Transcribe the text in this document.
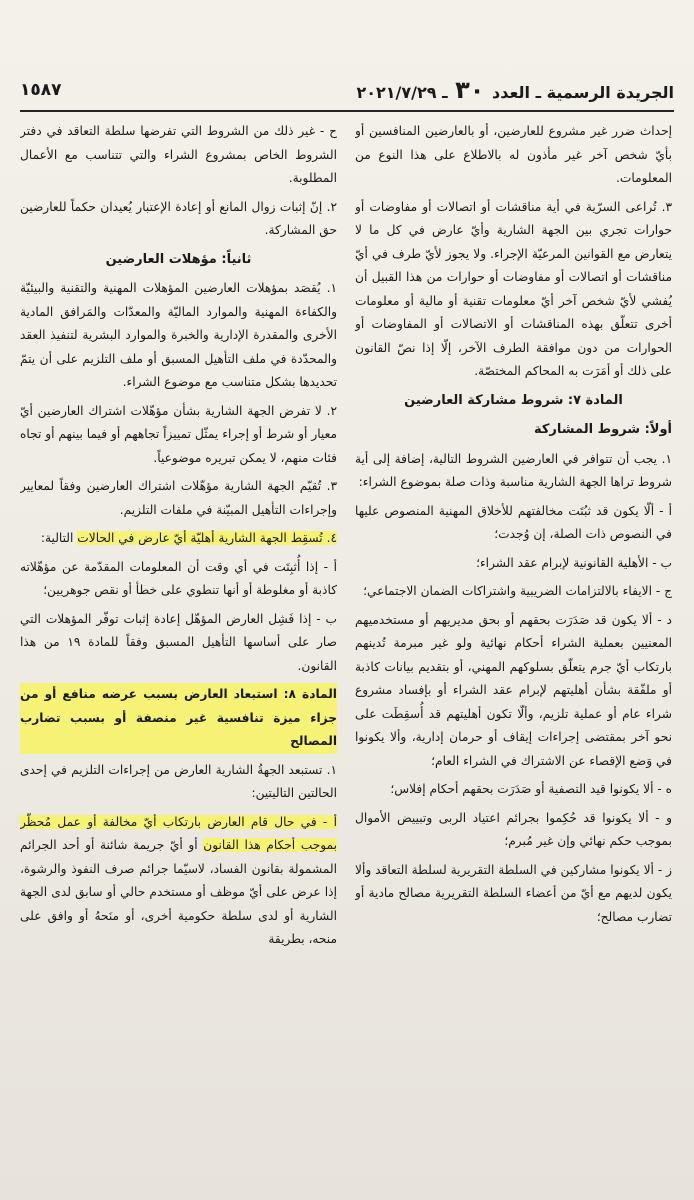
الجريدة الرسمية ـ العدد ٣٠ ـ ٢٠٢١/٧/٢٩
١٥٨٧

إحداث ضرر غير مشروع للعارضين، أو بالعارضين المنافسين أو بأيّ شخص آخر غير مأذون له بالاطلاع على هذا النوع من المعلومات.

٣. تُراعى السرّية في أية مناقشات أو اتصالات أو مفاوضات أو حوارات تجري بين الجهة الشارية وأيّ عارض في كل ما لا يتعارض مع القوانين المرعيّة الإجراء. ولا يجوز لأيّ طرف في أيّ مناقشات أو اتصالات أو مفاوضات أو حوارات من هذا القبيل أن يُفشي لأيّ شخص آخر أيّ معلومات تقنية أو مالية أو معلومات أخرى تتعلّق بهذه المناقشات أو الاتصالات أو المفاوضات أو الحوارات من دون موافقة الطرف الآخر، إلّا إذا نصّ القانون على ذلك أو أمَرَت به المحاكم المختصّة.

المادة ٧: شروط مشاركة العارضين
أولاً: شروط المشاركة

١. يجب أن تتوافر في العارضين الشروط التالية، إضافة إلى أية شروط تراها الجهة الشارية مناسبة وذات صلة بموضوع الشراء:

أ - ألّا يكون قد ثبُتَت مخالفتهم للأخلاق المهنية المنصوص عليها في النصوص ذات الصلة، إن وُجدت؛

ب - الأهلية القانونية لإبرام عقد الشراء؛

ج - الايفاء بالالتزامات الضريبية واشتراكات الضمان الاجتماعي؛

د - ألا يكون قد صَدَرَت بحقهم أو بحق مديريهم أو مستخدميهم المعنيين بعملية الشراء أحكام نهائية ولو غير مبرمة تُدينهم بارتكاب أيّ جرم يتعلّق بسلوكهم المهني، أو بتقديم بيانات كاذبة أو ملفّقة بشأن أهليتهم لإبرام عقد الشراء أو بإفساد مشروع شراء عام أو عملية تلزيم، وألّا تكون أهليتهم قد أُسقِطَت على نحو آخر بمقتضى إجراءات إيقاف أو حرمان إدارية، وألا يكونوا في وَضع الإقصاء عن الاشتراك في الشراء العام؛

ه - ألا يكونوا قيد التصفية أو صَدَرَت بحقهم أحكام إفلاس؛

و - ألا يكونوا قد حُكِموا بجرائم اعتياد الربى وتبييض الأموال بموجب حكم نهائي وإن غير مُبرم؛

ز - ألا يكونوا مشاركين في السلطة التقريرية لسلطة التعاقد وألا يكون لديهم مع أيّ من أعضاء السلطة التقريرية مصالح مادية أو تضارب مصالح؛

ح - غير ذلك من الشروط التي تفرضها سلطة التعاقد في دفتر الشروط الخاص بمشروع الشراء والتي تتناسب مع الأعمال المطلوبة.

٢. إنّ إثبات زوال المانع أو إعادة الإعتبار يُعيدان حكماً للعارضين حق المشاركة.

ثانياً: مؤهلات العارضين

١. يُقصَد بمؤهلات العارضين المؤهلات المهنية والتقنية والبيئيّة والكفاءة المهنية والموارد الماليّة والمعدّات والمَرافق المادية الأخرى والمقدرة الإدارية والخبرة والموارد البشرية لتنفيذ العقد والمحدّدة في ملف التأهيل المسبق أو ملف التلزيم على أن يتمّ تحديدها بشكل متناسب مع موضوع الشراء.

٢. لا تفرض الجهة الشارية بشأن مؤهّلات اشتراك العارضين أيّ معيار أو شرط أو إجراء يمثّل تمييزاً تجاههم أو فيما بينهم أو تجاه فئات منهم، لا يمكن تبريره موضوعياً.

٣. تُقيّم الجهة الشارية مؤهّلات اشتراك العارضين وفقاً لمعايير وإجراءات التأهيل المبيّنة في ملفات التلزيم.

٤. تُسقِط الجهة الشارية أهليّة أيّ عارض في الحالات التالية:

أ - إذا أُثبِتَت في أي وقت أن المعلومات المقدّمة عن مؤهّلاته كاذبة أو مغلوطة أو أنها تنطوي على خطأ أو نقص جوهريين؛

ب - إذا فَشِل العارض المؤهّل إعادة إثبات توفّر المؤهلات التي صار على أساسها التأهيل المسبق وفقاً للمادة ١٩ من هذا القانون.

المادة ٨: استبعاد العارض بسبب عرضه منافع أو من جزاء ميزة تنافسية غير منصفة أو بسبب تضارب المصالح

١. تستبعد الجهةُ الشارية العارض من إجراءات التلزيم في إحدى الحالتين التاليتين:

أ - في حال قام العارض بارتكاب أيّ مخالفة أو عمل مُحظّر بموجب أحكام هذا القانون أو أيّ جريمة شائنة أو أحد الجرائم المشمولة بقانون الفساد، لاسيّما جرائم صرف النفوذ والرشوة، إذا عرض على أيّ موظف أو مستخدم حالي أو سابق لدى الجهة الشارية أو لدى سلطة حكومية أخرى، أو منَحهُ أو وافق على منحه، بطريقة
